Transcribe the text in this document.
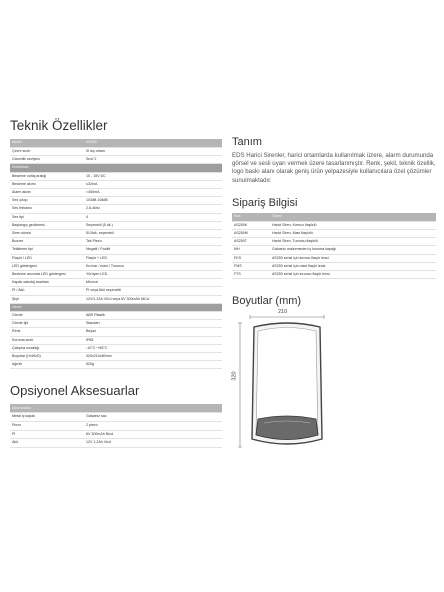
Teknik Özellikler
Model	AS250
Çevre sınıfı	III dış ortam
Güvenlik seviyesi	Sınıf 2
Elektriksel	
Besleme voltaj aralığı	10 - 15V DC
Besleme akımı	≤32mA
Alarm akımı	<450mA
Ses çıkışı	103dB 108dB
Ses frekansı	2.8-4khz
Ses tipi	4
Başlangıç gecikmesi	Seçenekli (5 dk.)
Siren süresi	5/15dk. seçenekli
Buzzer	Tek Piezo
Tetikleme tipi	Negatif / Pozitif
Flaşör / LED	Flaşör + LED
LED göstergesi	Kırmızı / mavi / Turuncu
Besleme arızında LED göstergesi	Yürüyen LED
Kapak sabotaj anahtarı	Mevcut
PI / Akü	PI veya Akü seçenekli
Şişli	12V/1.2Ah ViCd veya 6V 300mAh NiCd
Genel	
Gövde	ABS Plastik
Gövde tipi	Standart
Renk	Beyaz
Koruma sınıfı	IP65
Çalışma sıcaklığı	-10°C~+55°C
Boyutlar (HxWxD)	320x210x80mm
Ağırlık	520g
Opsiyonel Aksesuarlar
Aksesuarlar	
Metal iç kapak	Galvaniz sac
Piezo	2 piezo
PI	6V 300mAh Nicd
Akü	12V 1.2Ah Vicd
Tanım

EDS Harici Sirenler, harici ortamlarda kullanılmak üzere, alarm durumunda görsel ve sesli uyarı vermek üzere tasarlanmıştır. Renk, şekil, teknik özellik, logo baskı alanı olarak geniş ürün yelpazesiyle kullanıcılara özel çözümler sunulmaktadır.

Sipariş Bilgisi
Kod	Tanım
AS250K	Harici Siren, Kırmızı flaşörlü
AS250M	Harici Siren, Mavi flaşörlü
AS250T	Harici Siren, Turuncu flaşörlü
MH	Galvaniz malzemeden iç koruma kapağı
FKS	AS250 serisi için kırmızı flaşör lensi
FMS	AS250 serisi için mavi flaşör lensi
FTS	AS250 serisi için turuncu flaşör lensi
Boyutlar (mm)
210
320
